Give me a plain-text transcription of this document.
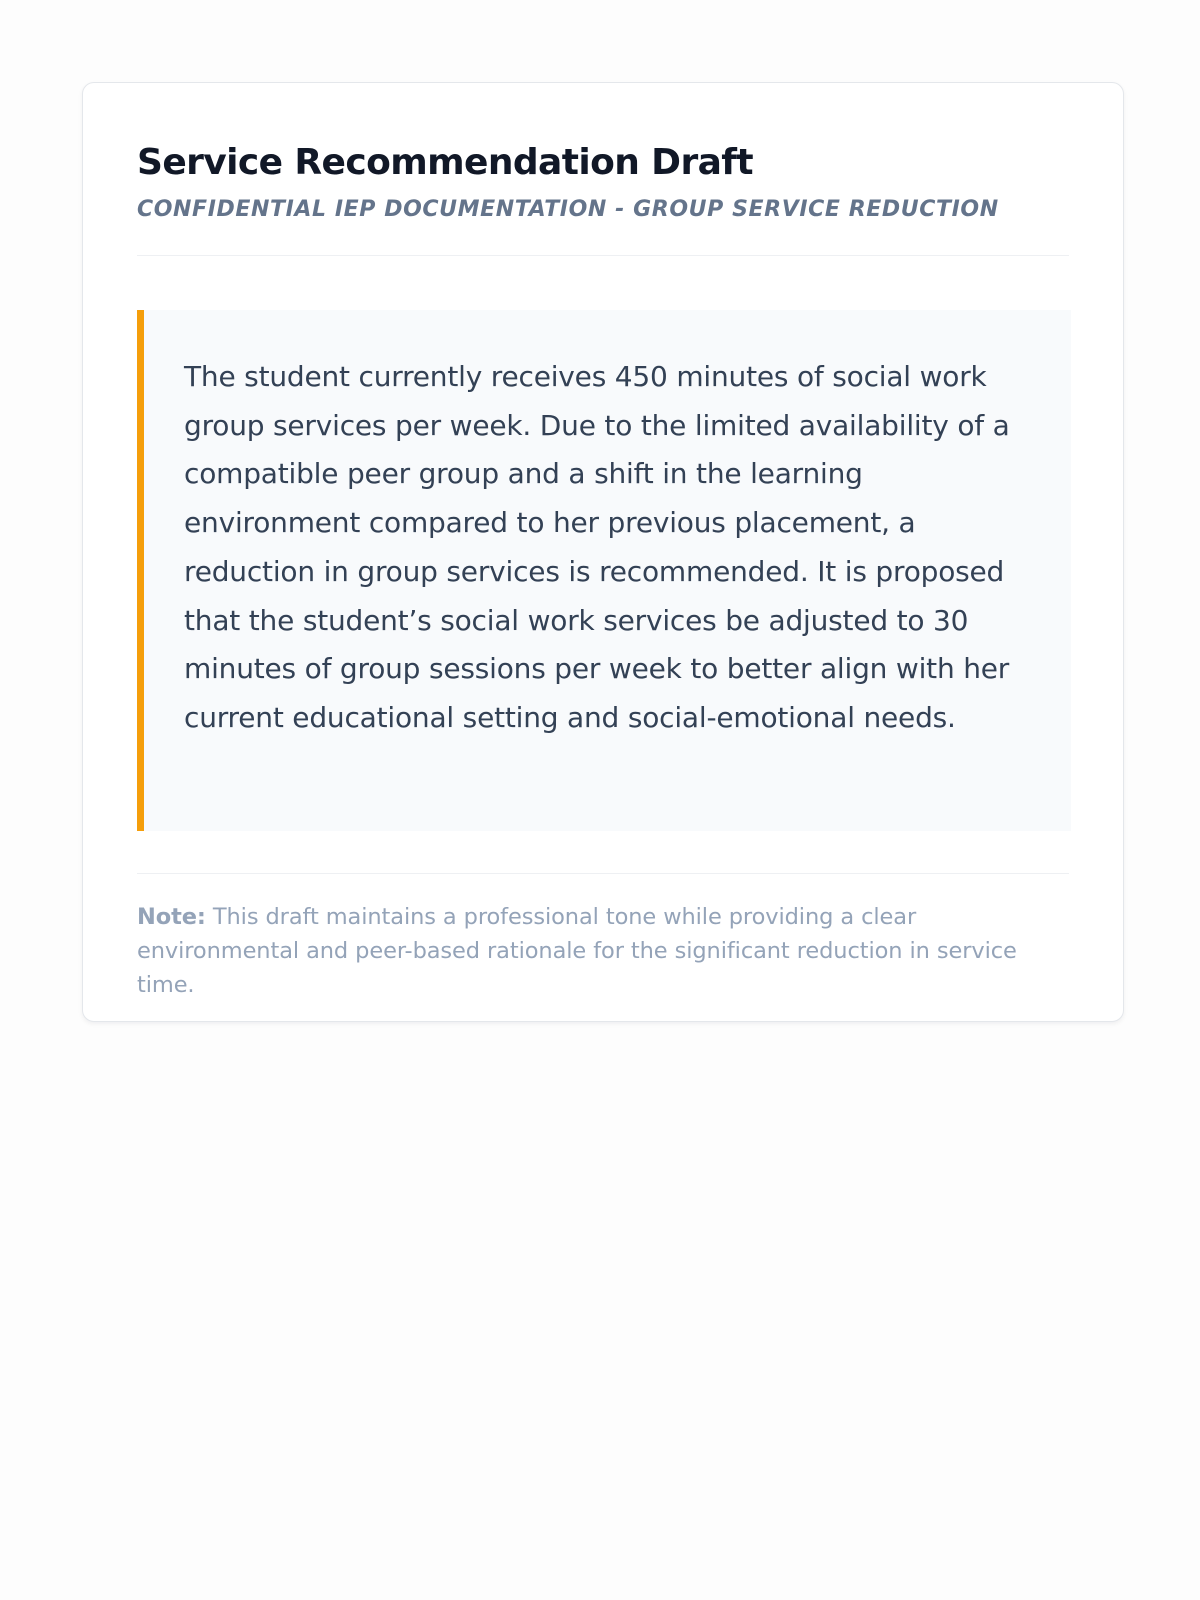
Service Recommendation Draft
CONFIDENTIAL IEP DOCUMENTATION - GROUP SERVICE REDUCTION

The student currently receives 450 minutes of social work group services per week. Due to the limited availability of a compatible peer group and a shift in the learning environment compared to her previous placement, a reduction in group services is recommended. It is proposed that the student’s social work services be adjusted to 30 minutes of group sessions per week to better align with her current educational setting and social-emotional needs.

Note: This draft maintains a professional tone while providing a clear environmental and peer-based rationale for the significant reduction in service time.
